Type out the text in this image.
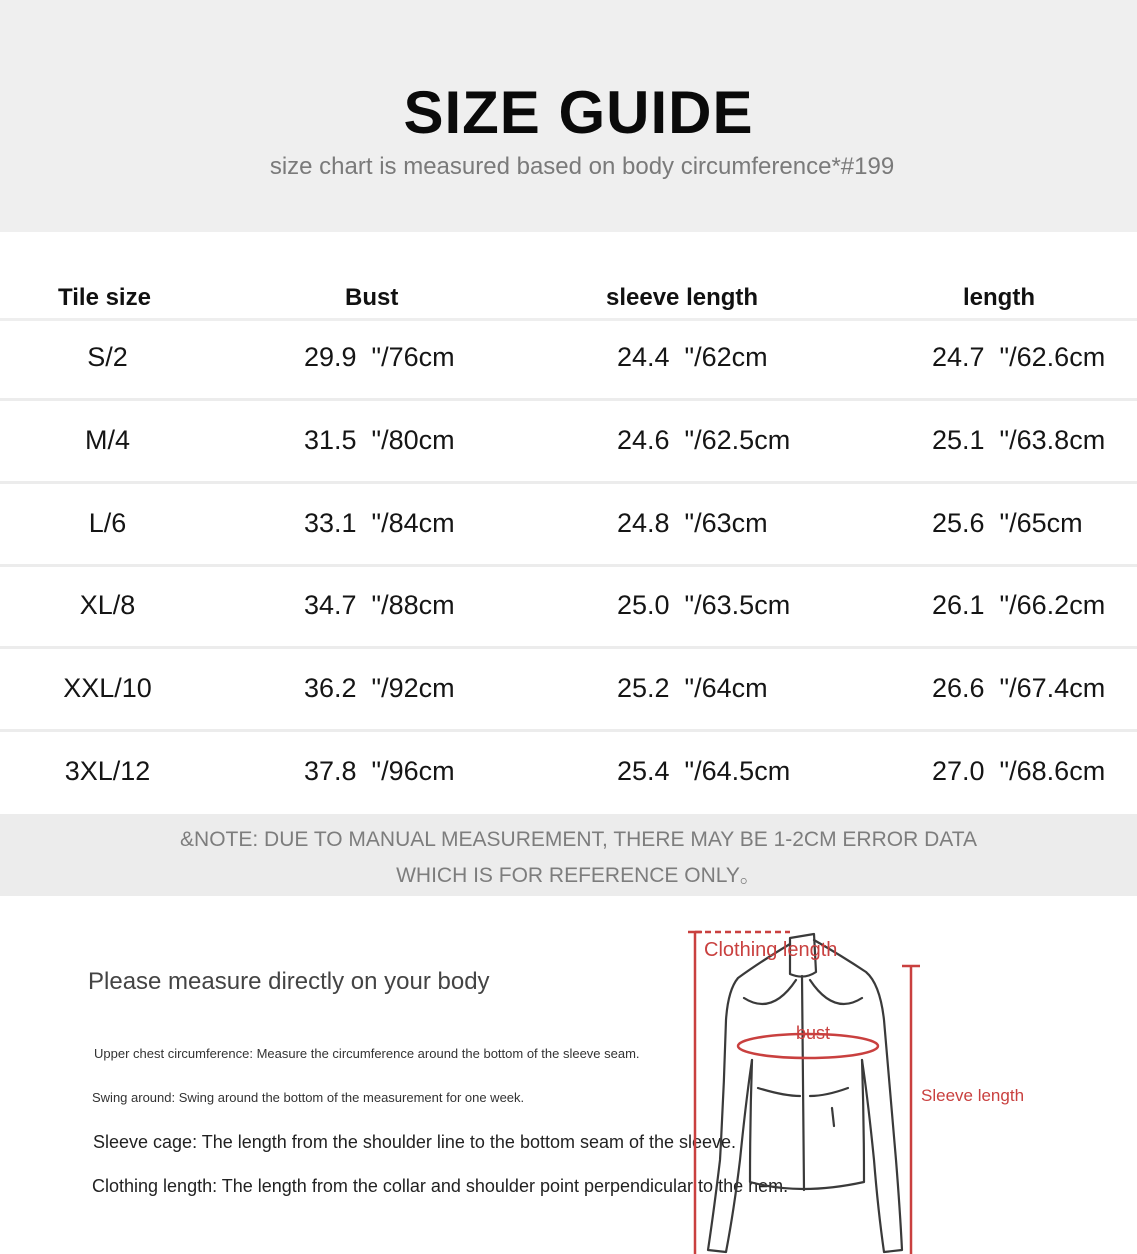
SIZE GUIDE
size chart is measured based on body circumference*#199
Tile size	Bust	sleeve length	length
S/2	29.9  "/76cm	24.4  "/62cm	24.7  "/62.6cm
M/4	31.5  "/80cm	24.6  "/62.5cm	25.1  "/63.8cm
L/6	33.1  "/84cm	24.8  "/63cm	25.6  "/65cm
XL/8	34.7  "/88cm	25.0  "/63.5cm	26.1  "/66.2cm
XXL/10	36.2  "/92cm	25.2  "/64cm	26.6  "/67.4cm
3XL/12	37.8  "/96cm	25.4  "/64.5cm	27.0  "/68.6cm
&NOTE: DUE TO MANUAL MEASUREMENT, THERE MAY BE 1-2CM ERROR DATA
WHICH IS FOR REFERENCE ONLY。
Please measure directly on your body
Upper chest circumference: Measure the circumference around the bottom of the sleeve seam.
Swing around: Swing around the bottom of the measurement for one week.
Sleeve cage: The length from the shoulder line to the bottom seam of the sleeve.
Clothing length: The length from the collar and shoulder point perpendicular to the hem.
Clothing length
bust
Sleeve length
